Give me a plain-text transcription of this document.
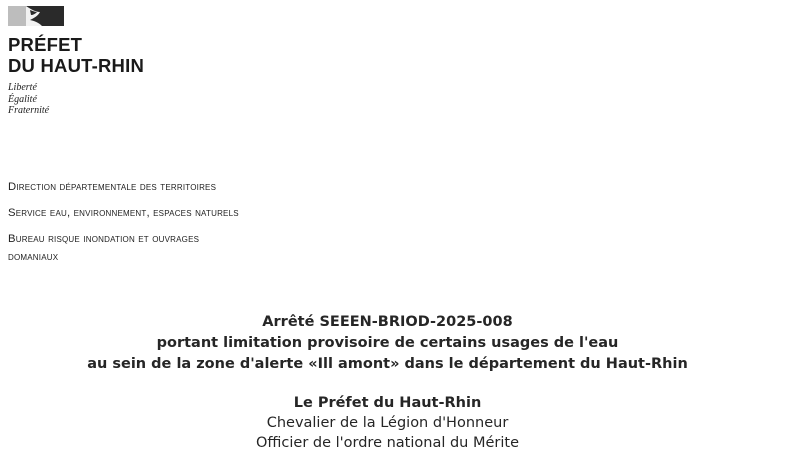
PRÉFET
DU HAUT-RHIN
Liberté
Égalité
Fraternité
Direction départementale des territoires
Service eau, environnement, espaces naturels
Bureau risque inondation et ouvrages
domaniaux
Arrêté SEEEN-BRIOD-2025-008
portant limitation provisoire de certains usages de l'eau
au sein de la zone d'alerte «Ill amont» dans le département du Haut-Rhin
Le Préfet du Haut-Rhin
Chevalier de la Légion d'Honneur
Officier de l'ordre national du Mérite
